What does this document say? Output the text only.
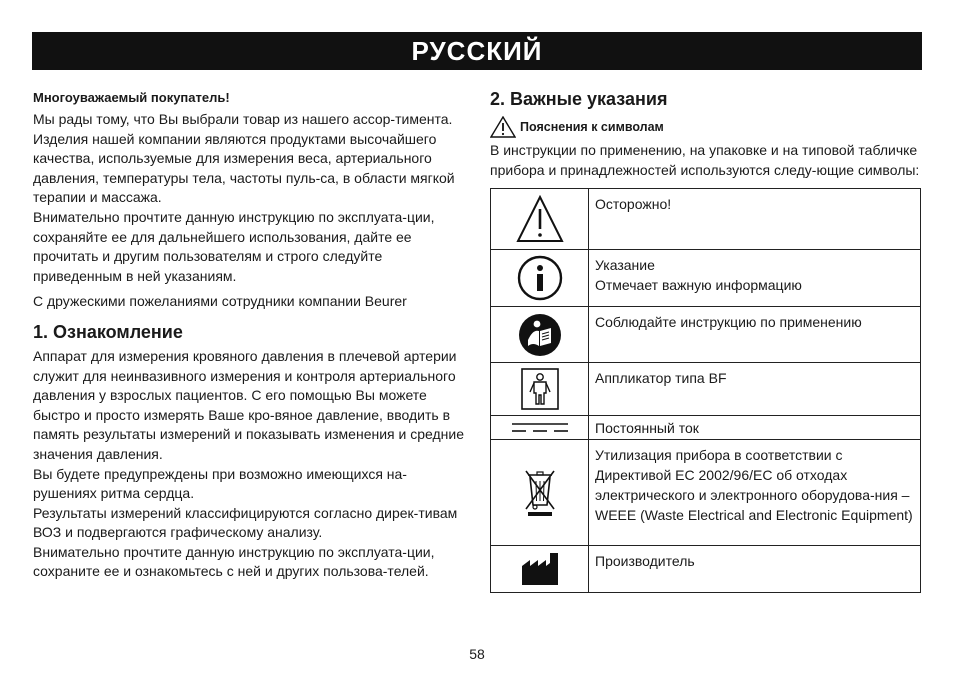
РУССКИЙ

Многоуважаемый покупатель!

Мы рады тому, что Вы выбрали товар из нашего ассор-тимента. Изделия нашей компании являются продуктами высочайшего качества, используемые для измерения веса, артериального давления, температуры тела, частоты пуль-са, в области мягкой терапии и массажа.

Внимательно прочтите данную инструкцию по эксплуата-ции, сохраняйте ее для дальнейшего использования, дайте ее прочитать и другим пользователям и строго следуйте приведенным в ней указаниям.

С дружескими пожеланиями сотрудники компании Beurer

1. Ознакомление

Аппарат для измерения кровяного давления в плечевой артерии служит для неинвазивного измерения и контроля артериального давления у взрослых пациентов. С его помощью Вы можете быстро и просто измерять Ваше кро-вяное давление, вводить в память результаты измерений и показывать изменения и средние значения давления.

Вы будете предупреждены при возможно имеющихся на-рушениях ритма сердца.

Результаты измерений классифицируются согласно дирек-тивам ВОЗ и подвергаются графическому анализу.

Внимательно прочтите данную инструкцию по эксплуата-ции, сохраните ее и ознакомьтесь с ней и других пользова-телей.

2. Важные указания
Пояснения к символам

В инструкции по применению, на упаковке и на типовой табличке прибора и принадлежностей используются следу-ющие символы:

Осторожно!

Указание
Отмечает важную информацию

Соблюдайте инструкцию по применению

Аппликатор типа BF

Постоянный ток

Утилизация прибора в соответствии с Директивой ЕС 2002/96/EC об отходах электрического и электронного оборудова-ния – WEEE (Waste Electrical and Electronic Equipment)

Производитель
58
